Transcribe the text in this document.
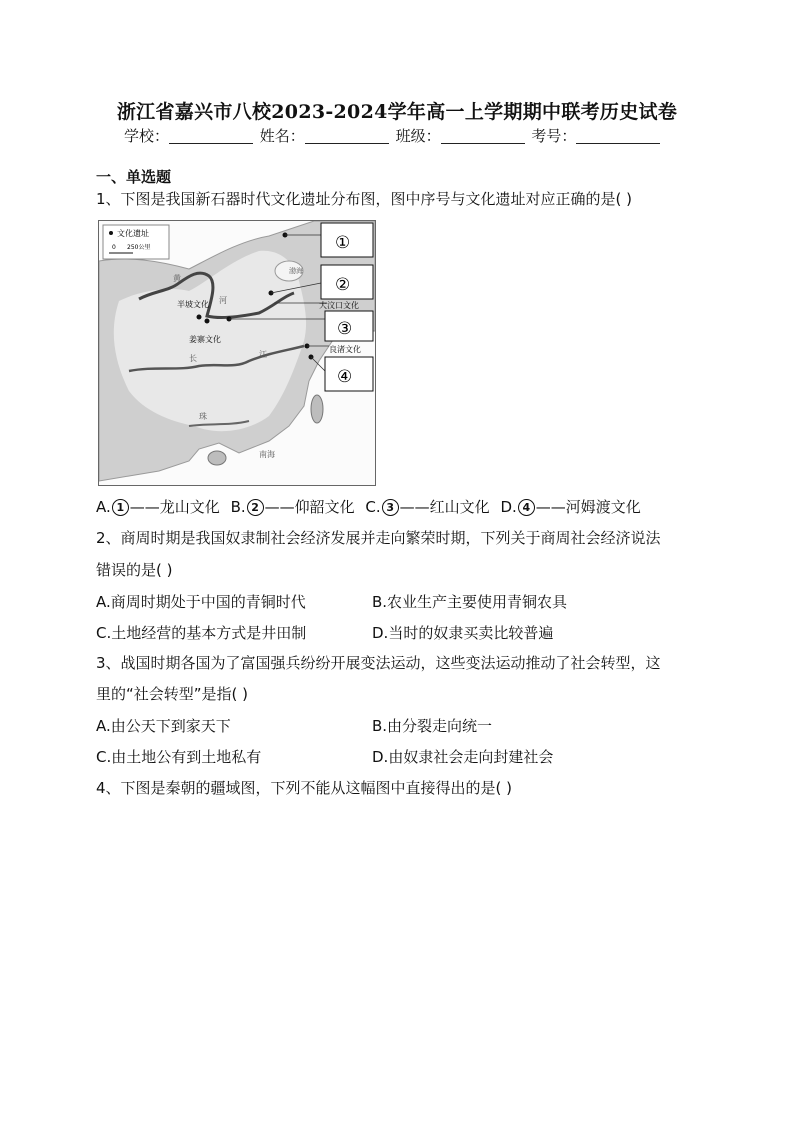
浙江省嘉兴市八校2023-2024学年高一上学期期中联考历史试卷
学校：	姓名：	班级：	考号：
一、单选题
1、下图是我国新石器时代文化遗址分布图，图中序号与文化遗址对应正确的是( )
文化遗址
0 250公里
半坡文化
姜寨文化
大汶口文化
良渚文化
南海
渤海
黄
河
长	江
珠
①
②
③
④
A. 1 ——龙山文化 B. 2 ——仰韶文化 C. 3 ——红山文化 D. 4 ——河姆渡文化
2、商周时期是我国奴隶制社会经济发展并走向繁荣时期，下列关于商周社会经济说法
错误的是( )
A.商周时期处于中国的青铜时代	B.农业生产主要使用青铜农具
C.土地经营的基本方式是井田制	D.当时的奴隶买卖比较普遍
3、战国时期各国为了富国强兵纷纷开展变法运动，这些变法运动推动了社会转型，这
里的“社会转型”是指( )
A.由公天下到家天下	B.由分裂走向统一
C.由土地公有到土地私有	D.由奴隶社会走向封建社会
4、下图是秦朝的疆域图，下列不能从这幅图中直接得出的是( )
